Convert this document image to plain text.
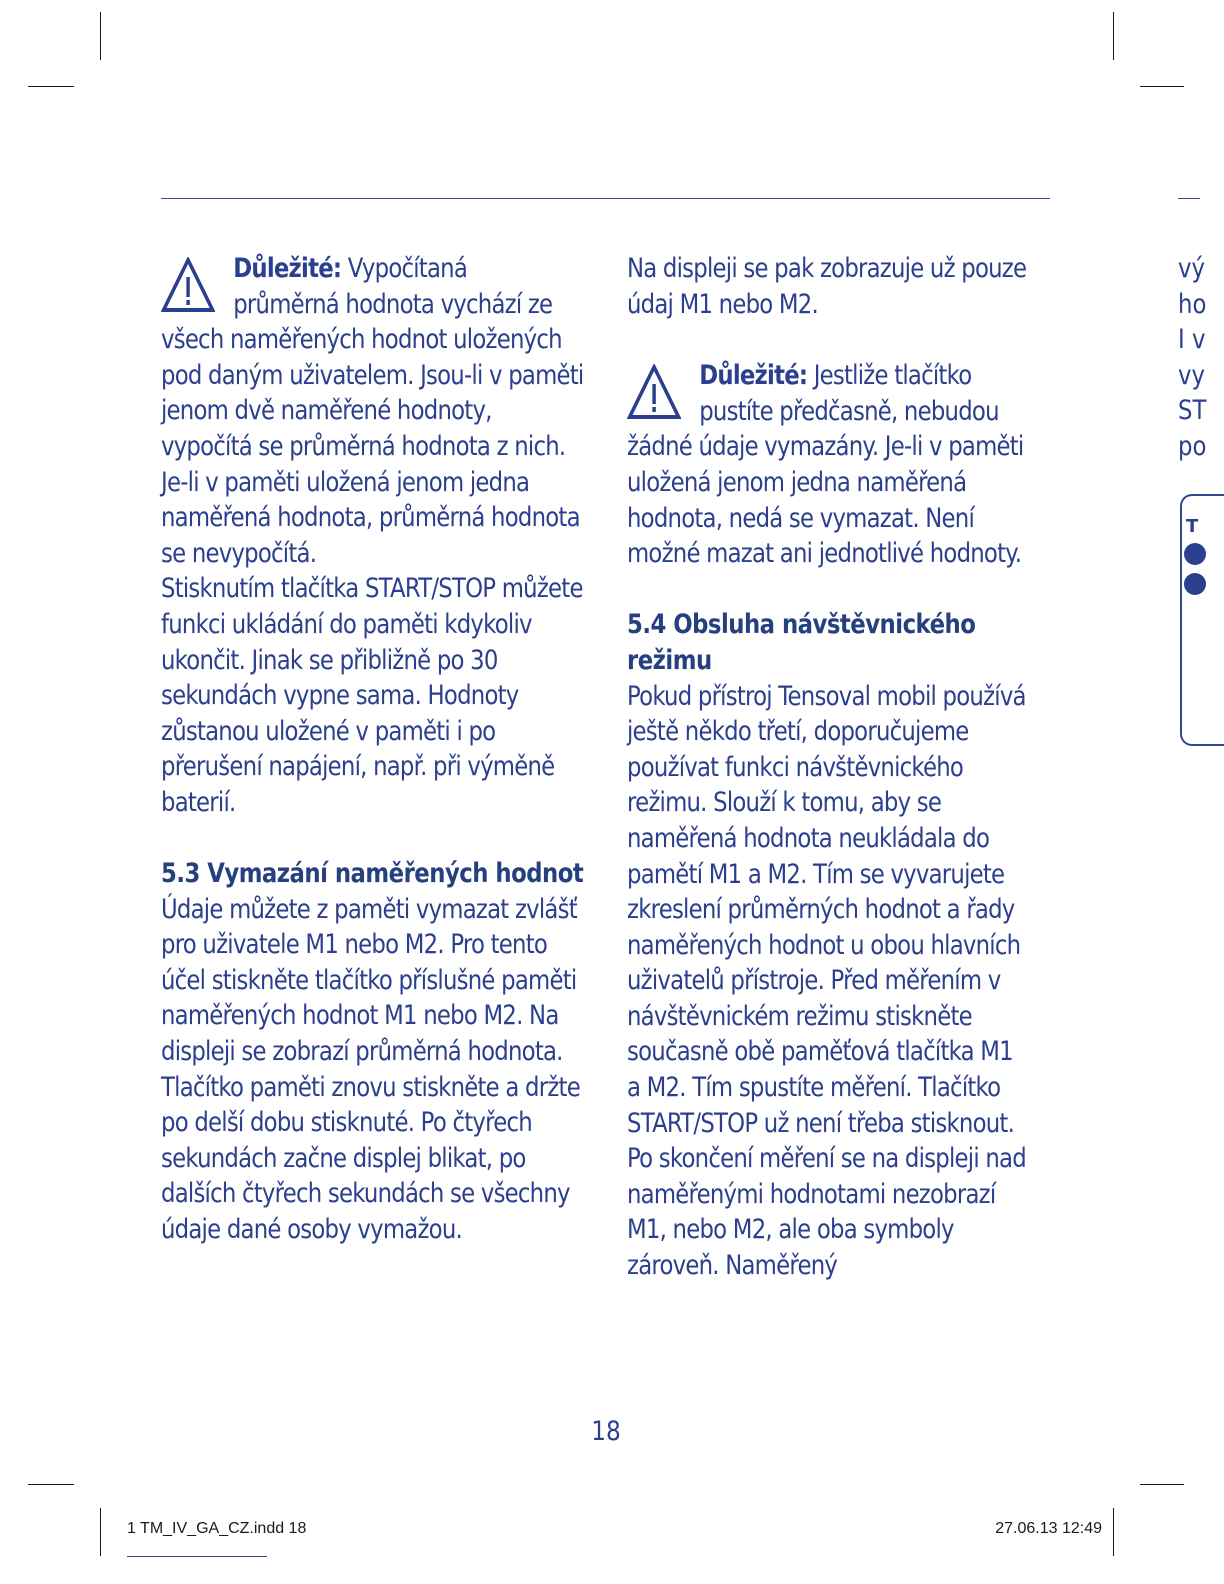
Důležité: Vypočítaná

průměrná hodnota vychází ze všech naměřených hodnot uložených pod daným uživatelem. Jsou-li v paměti jenom dvě naměřené hodnoty, vypočítá se průměrná hodnota z nich. Je-li v paměti uložená jenom jedna naměřená hodnota, průměrná hodnota se nevypočítá.

Stisknutím tlačítka START/STOP můžete funkci ukládání do paměti kdykoliv ukončit. Jinak se přibližně po 30 sekundách vypne sama. Hodnoty zůstanou uložené v paměti i po přerušení napájení, např. při výměně baterií.

5.3 Vymazání naměřených hodnot

Údaje můžete z paměti vymazat zvlášť pro uživatele M1 nebo M2. Pro tento účel stiskněte tlačítko příslušné paměti naměřených hodnot M1 nebo M2. Na displeji se zobrazí průměrná hodnota. Tlačítko paměti znovu stiskněte a držte po delší dobu stisknuté. Po čtyřech sekundách začne displej blikat, po dalších čtyřech sekundách se všechny údaje dané osoby vymažou.

Na displeji se pak zobrazuje už pouze údaj M1 nebo M2.

Důležité: Jestliže tlačítko

pustíte předčasně, nebudou žádné údaje vymazány. Je-li v paměti uložená jenom jedna naměřená hodnota, nedá se vymazat. Není možné mazat ani jednotlivé hodnoty.

5.4 Obsluha návštěvnického režimu

Pokud přístroj Tensoval mobil používá ještě někdo třetí, doporučujeme používat funkci návštěvnického režimu. Slouží k tomu, aby se naměřená hodnota neukládala do pamětí M1 a M2. Tím se vyvarujete zkreslení průměrných hodnot a řady naměřených hodnot u obou hlavních uživatelů přístroje. Před měřením v návštěvnickém režimu stiskněte současně obě paměťová tlačítka M1 a M2. Tím spustíte měření. Tlačítko START/STOP už není třeba stisknout.

Po skončení měření se na displeji nad naměřenými hodnotami nezobrazí M1, nebo M2, ale oba symboly zároveň. Naměřený

vý
ho
I v
vy
ST
po
T
18
1 TM_IV_GA_CZ.indd 18	27.06.13 12:49
